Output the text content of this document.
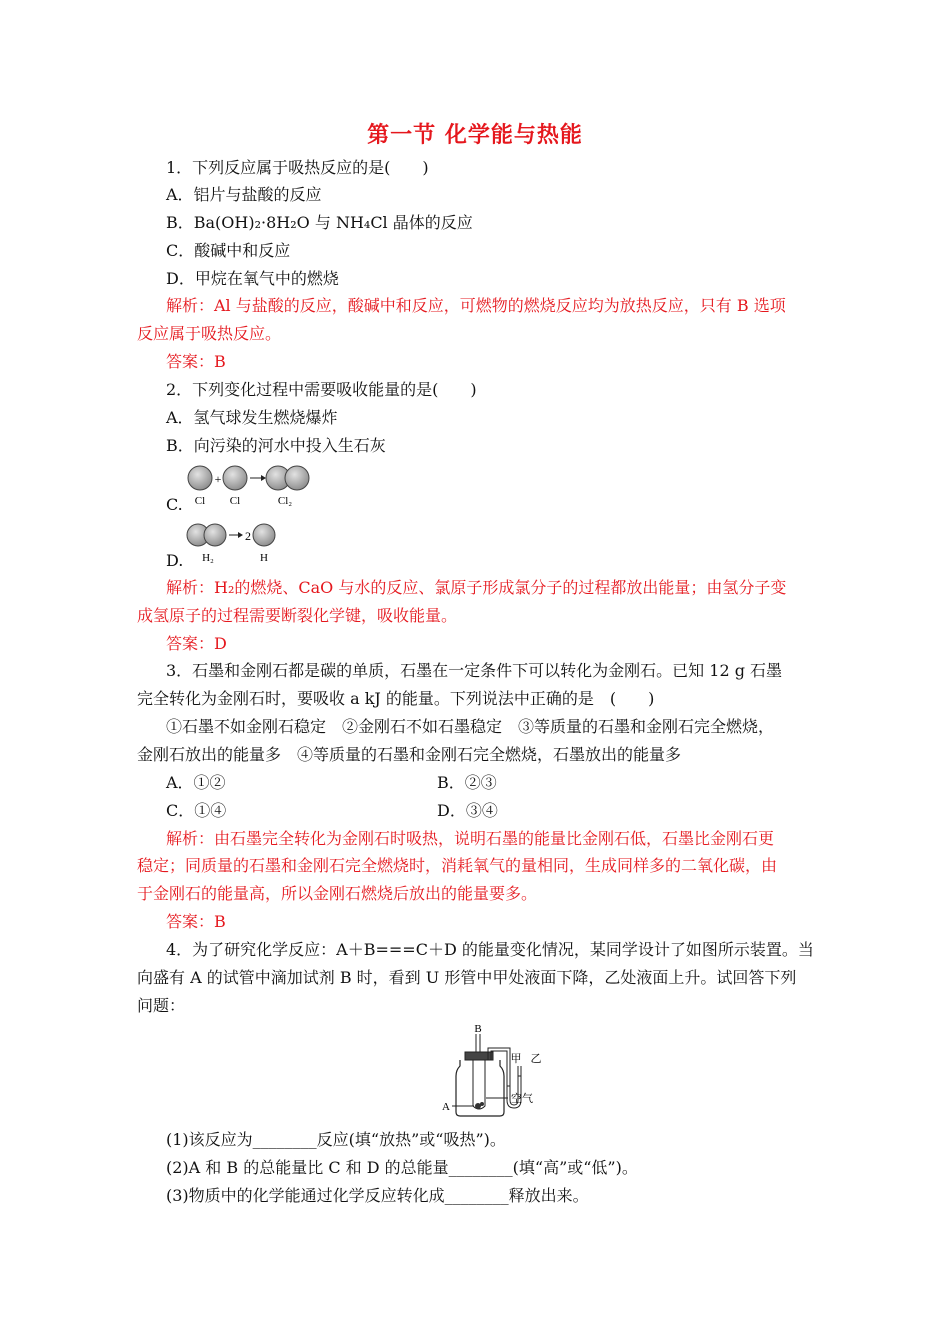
第一节 化学能与热能
1．下列反应属于吸热反应的是(　　)
A．铝片与盐酸的反应
B．Ba(OH)₂·8H₂O 与 NH₄Cl 晶体的反应
C．酸碱中和反应
D．甲烷在氧气中的燃烧
解析：Al 与盐酸的反应，酸碱中和反应，可燃物的燃烧反应均为放热反应，只有 B 选项
反应属于吸热反应。
答案：B
2．下列变化过程中需要吸收能量的是(　　)
A．氢气球发生燃烧爆炸
B．向污染的河水中投入生石灰
C.
+
Cl Cl	Cl₂
D.
2
H₂	H
解析：H₂的燃烧、CaO 与水的反应、氯原子形成氯分子的过程都放出能量；由氢分子变
成氢原子的过程需要断裂化学键，吸收能量。
答案：D
3．石墨和金刚石都是碳的单质，石墨在一定条件下可以转化为金刚石。已知 12 g 石墨
完全转化为金刚石时，要吸收 a kJ 的能量。下列说法中正确的是　(　　)
①石墨不如金刚石稳定　②金刚石不如石墨稳定　③等质量的石墨和金刚石完全燃烧，
金刚石放出的能量多　④等质量的石墨和金刚石完全燃烧，石墨放出的能量多
A．①②	B．②③
C．①④	D．③④
解析：由石墨完全转化为金刚石时吸热，说明石墨的能量比金刚石低，石墨比金刚石更
稳定；同质量的石墨和金刚石完全燃烧时，消耗氧气的量相同，生成同样多的二氧化碳，由
于金刚石的能量高，所以金刚石燃烧后放出的能量要多。
答案：B
4．为了研究化学反应：A＋B===C＋D 的能量变化情况，某同学设计了如图所示装置。当
向盛有 A 的试管中滴加试剂 B 时，看到 U 形管中甲处液面下降，乙处液面上升。试回答下列
问题：
B
甲 乙
A
空气
(1)该反应为________反应(填“放热”或“吸热”)。
(2)A 和 B 的总能量比 C 和 D 的总能量________(填“高”或“低”)。
(3)物质中的化学能通过化学反应转化成________释放出来。
